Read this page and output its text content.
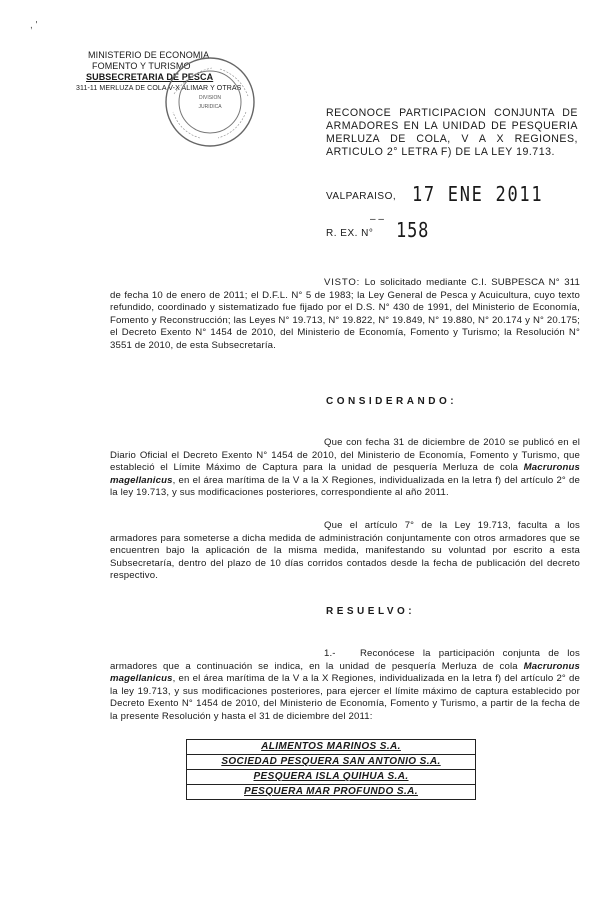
, '
MINISTERIO DE ECONOMIA
FOMENTO Y TURISMO
SUBSECRETARIA DE PESCA
311-11 MERLUZA DE COLA V-X ALIMAR Y OTRAS
DIVISION
JURIDICA	RECONOCE PARTICIPACION CONJUNTA DE ARMADORES EN LA UNIDAD DE PESQUERIA MERLUZA DE COLA, V A X REGIONES, ARTICULO 2° LETRA F) DE LA LEY 19.713.
VALPARAISO, 17 ENE 2011
R. EX. N°
– – 158
VISTO: Lo solicitado mediante C.I. SUBPESCA N° 311 de fecha 10 de enero de 2011; el D.F.L. N° 5 de 1983; la Ley General de Pesca y Acuicultura, cuyo texto refundido, coordinado y sistematizado fue fijado por el D.S. N° 430 de 1991, del Ministerio de Economía, Fomento y Reconstrucción; las Leyes N° 19.713, N° 19.822, N° 19.849, N° 19.880, N° 20.174 y N° 20.175; el Decreto Exento N° 1454 de 2010, del Ministerio de Economía, Fomento y Turismo; la Resolución N° 3551 de 2010, de esta Subsecretaría.
CONSIDERANDO:
Que con fecha 31 de diciembre de 2010 se publicó en el Diario Oficial el Decreto Exento N° 1454 de 2010, del Ministerio de Economía, Fomento y Turismo, que estableció el Límite Máximo de Captura para la unidad de pesquería Merluza de cola Macruronus magellanicus, en el área marítima de la V a la X Regiones, individualizada en la letra f) del artículo 2° de la ley 19.713, y sus modificaciones posteriores, correspondiente al año 2011.
Que el artículo 7° de la Ley 19.713, faculta a los armadores para someterse a dicha medida de administración conjuntamente con otros armadores que se encuentren bajo la aplicación de la misma medida, manifestando su voluntad por escrito a esta Subsecretaría, dentro del plazo de 10 días corridos contados desde la fecha de publicación del decreto respectivo.
RESUELVO:
1.-	Reconócese la participación conjunta de los armadores que a continuación se indica, en la unidad de pesquería Merluza de cola Macruronus magellanicus, en el área marítima de la V a la X Regiones, individualizada en la letra f) del artículo 2° de la ley 19.713, y sus modificaciones posteriores, para ejercer el límite máximo de captura establecido por Decreto Exento N° 1454 de 2010, del Ministerio de Economía, Fomento y Turismo, a partir de la fecha de la presente Resolución y hasta el 31 de diciembre del 2011:
ALIMENTOS MARINOS S.A.
SOCIEDAD PESQUERA SAN ANTONIO S.A.
PESQUERA ISLA QUIHUA S.A.
PESQUERA MAR PROFUNDO S.A.
